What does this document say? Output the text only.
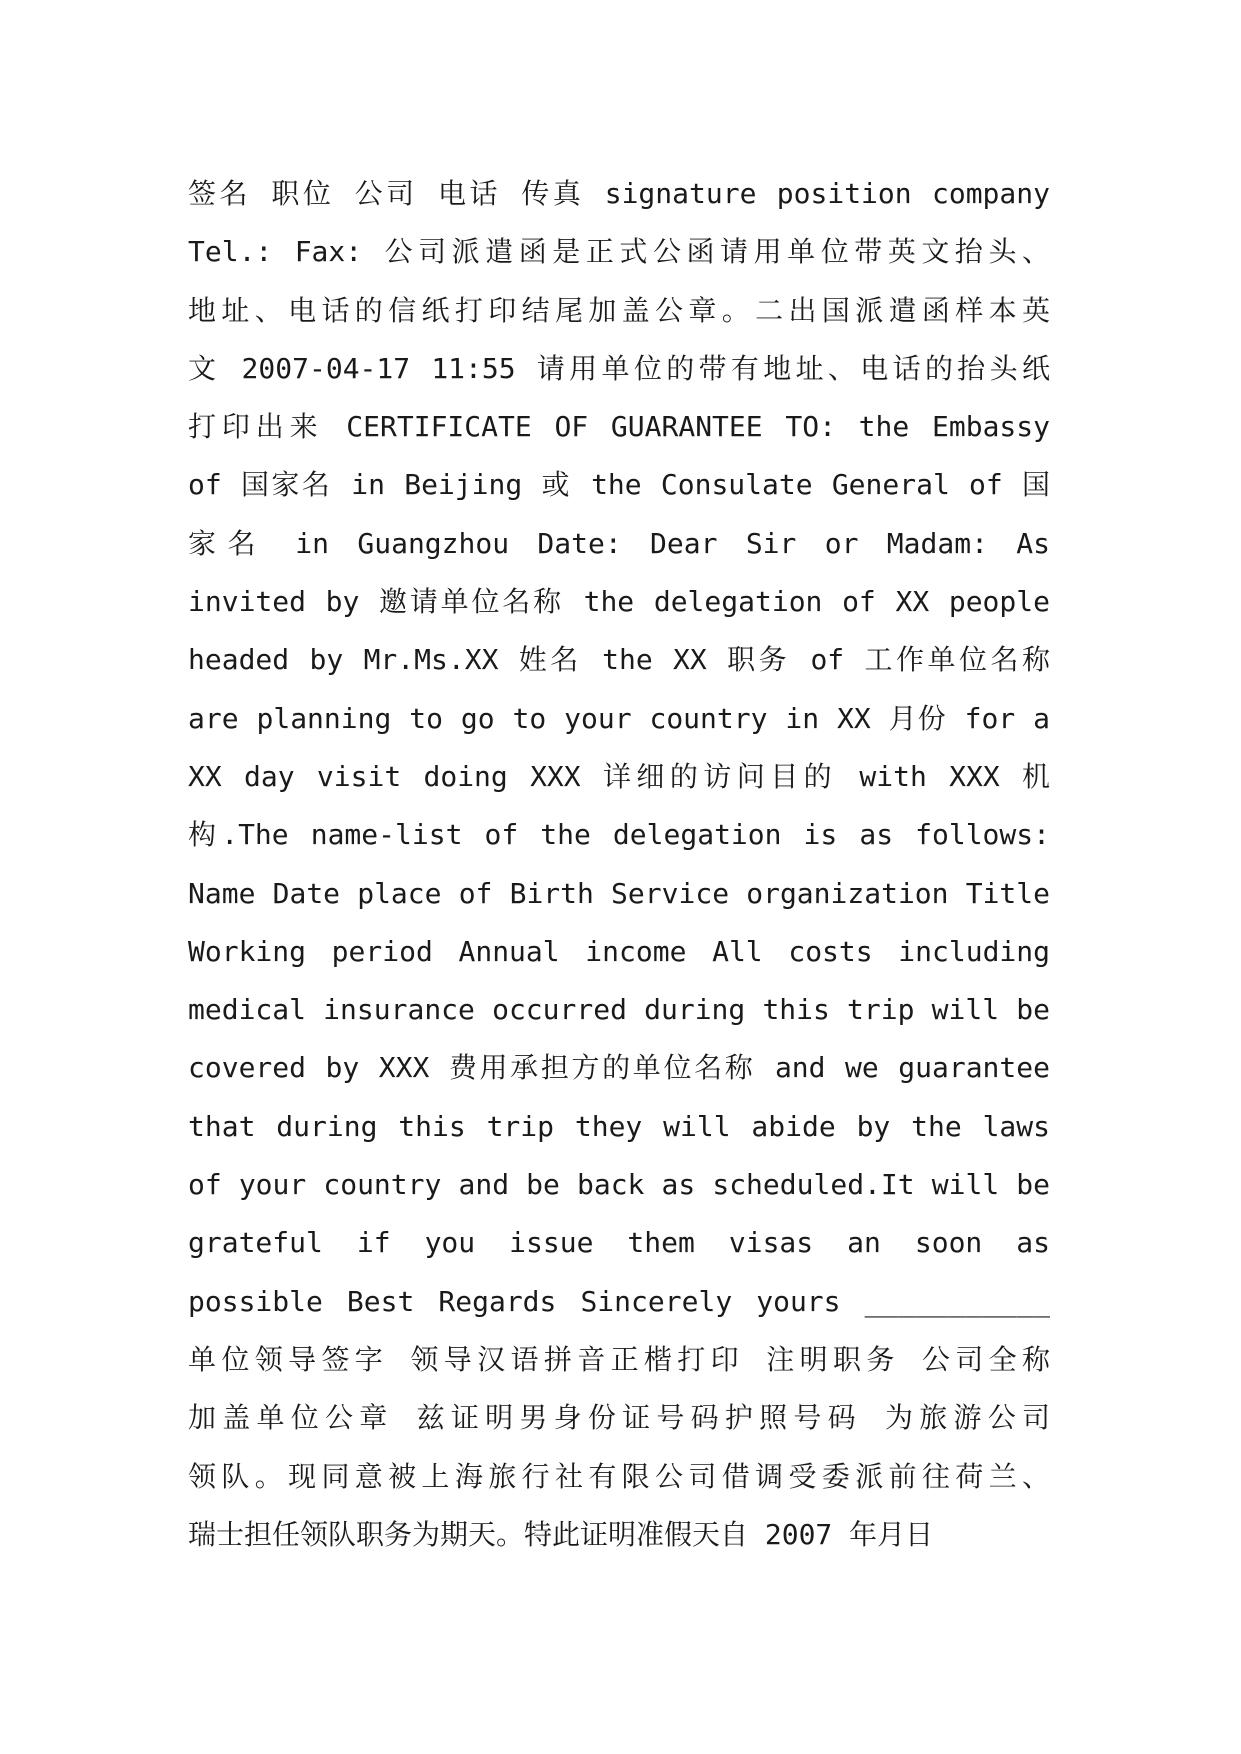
签名 职位 公司 电话 传真 signature position company
Tel.: Fax: 公司派遣函是正式公函请用单位带英文抬头、
地址、电话的信纸打印结尾加盖公章。二出国派遣函样本英
文 2007-04-17 11:55 请用单位的带有地址、电话的抬头纸
打印出来 CERTIFICATE OF GUARANTEE TO: the Embassy
of 国家名 in Beijing 或 the Consulate General of 国
家名 in Guangzhou Date: Dear Sir or Madam: As
invited by 邀请单位名称 the delegation of XX people
headed by Mr.Ms.XX 姓名 the XX 职务 of 工作单位名称
are planning to go to your country in XX 月份 for a
XX day visit doing XXX 详细的访问目的 with XXX 机
构.The name-list of the delegation is as follows:
Name Date place of Birth Service organization Title
Working period Annual income All costs including
medical insurance occurred during this trip will be
covered by XXX 费用承担方的单位名称 and we guarantee
that during this trip they will abide by the laws
of your country and be back as scheduled.It will be
grateful if you issue them visas an soon as
possible Best Regards Sincerely yours ___________
单位领导签字 领导汉语拼音正楷打印 注明职务 公司全称
加盖单位公章 兹证明男身份证号码护照号码 为旅游公司
领队。现同意被上海旅行社有限公司借调受委派前往荷兰、
瑞士担任领队职务为期天。特此证明准假天自 2007 年月日
